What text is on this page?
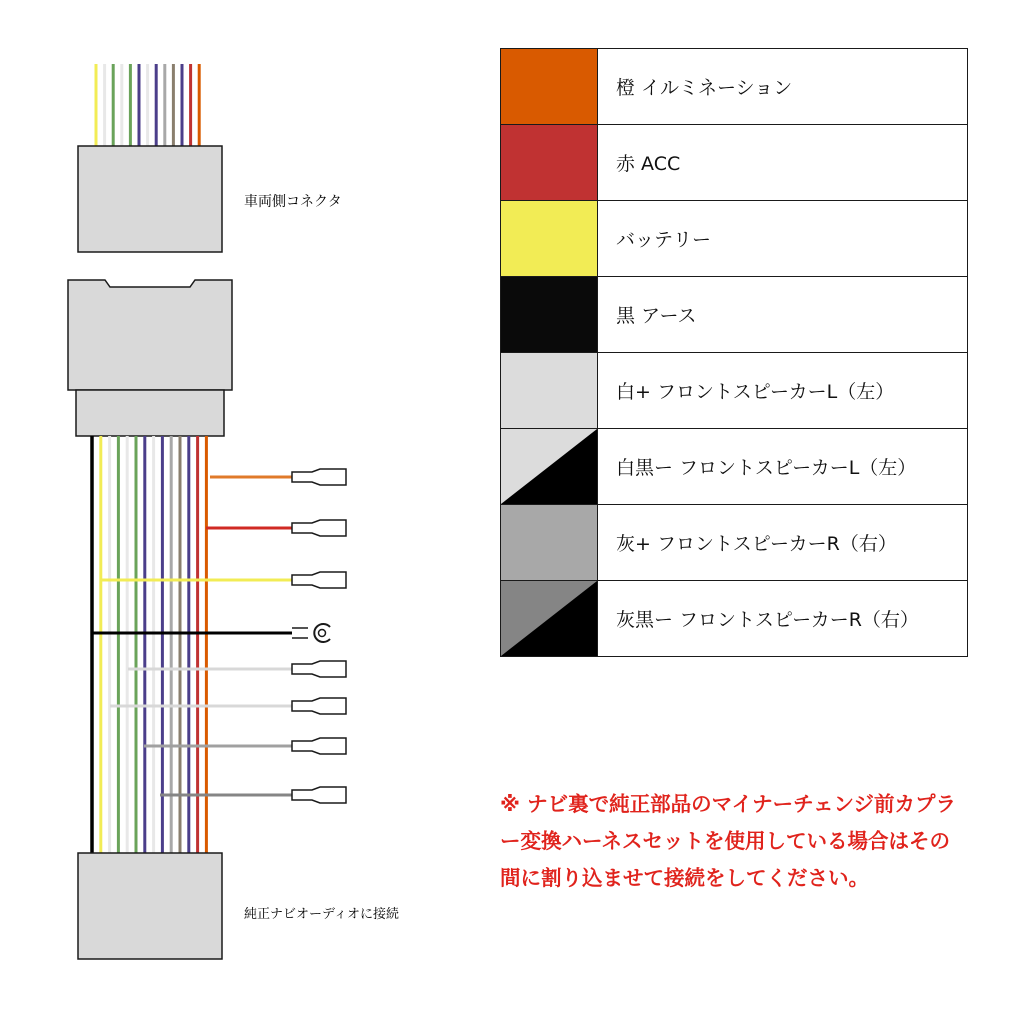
車両側コネクタ
純正ナビオーディオに接続
	橙 イルミネーション

	赤 ACC

	バッテリー

	黒 アース

	白+ フロントスピーカーL（左）

	白黒ー フロントスピーカーL（左）

	灰+ フロントスピーカーR（右）

	灰黒ー フロントスピーカーR（右）
※ ナビ裏で純正部品のマイナーチェンジ前カプラー変換ハーネスセットを使用している場合はその間に割り込ませて接続をしてください。
